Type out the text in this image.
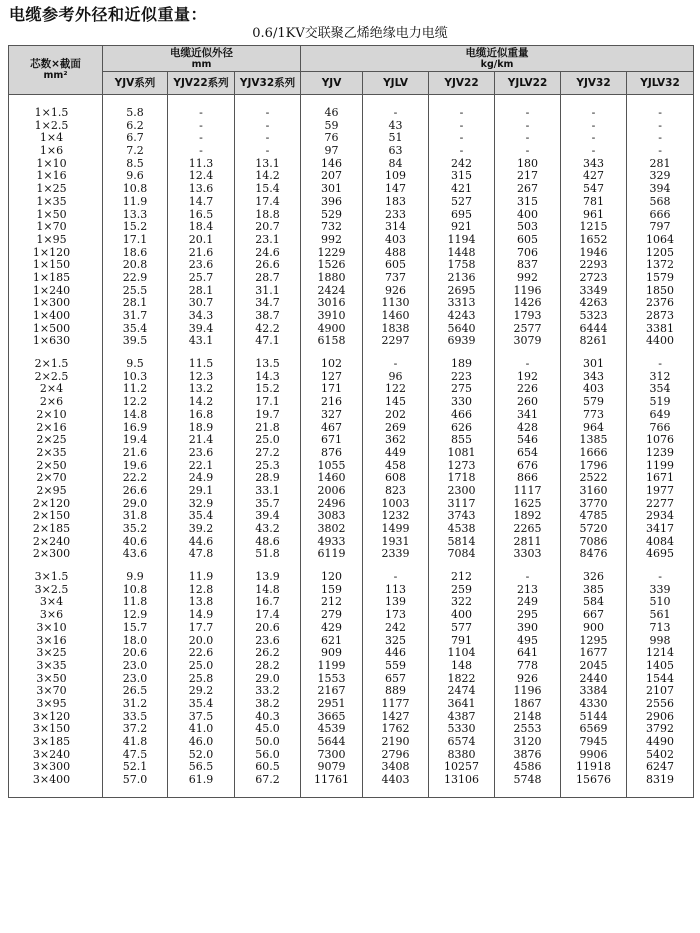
电缆参考外径和近似重量：
0.6/1KV交联聚乙烯绝缘电力电缆
芯数×截面
mm²	电缆近似外径
mm			电缆近似重量
kg/km					

	YJV系列	YJV22系列	YJV32系列	YJV	YJLV	YJV22	YJLV22	YJV32	YJLV32

1×1.5	5.8	-	-	46	-	-	-	-	-
1×2.5	6.2	-	-	59	43	-	-	-	-
1×4	6.7	-	-	76	51	-	-	-	-
1×6	7.2	-	-	97	63	-	-	-	-
1×10	8.5	11.3	13.1	146	84	242	180	343	281
1×16	9.6	12.4	14.2	207	109	315	217	427	329
1×25	10.8	13.6	15.4	301	147	421	267	547	394
1×35	11.9	14.7	17.4	396	183	527	315	781	568
1×50	13.3	16.5	18.8	529	233	695	400	961	666
1×70	15.2	18.4	20.7	732	314	921	503	1215	797
1×95	17.1	20.1	23.1	992	403	1194	605	1652	1064
1×120	18.6	21.6	24.6	1229	488	1448	706	1946	1205
1×150	20.8	23.6	26.6	1526	605	1758	837	2293	1372
1×185	22.9	25.7	28.7	1880	737	2136	992	2723	1579
1×240	25.5	28.1	31.1	2424	926	2695	1196	3349	1850
1×300	28.1	30.7	34.7	3016	1130	3313	1426	4263	2376
1×400	31.7	34.3	38.7	3910	1460	4243	1793	5323	2873
1×500	35.4	39.4	42.2	4900	1838	5640	2577	6444	3381
1×630	39.5	43.1	47.1	6158	2297	6939	3079	8261	4400

2×1.5	9.5	11.5	13.5	102	-	189	-	301	-
2×2.5	10.3	12.3	14.3	127	96	223	192	343	312
2×4	11.2	13.2	15.2	171	122	275	226	403	354
2×6	12.2	14.2	17.1	216	145	330	260	579	519
2×10	14.8	16.8	19.7	327	202	466	341	773	649
2×16	16.9	18.9	21.8	467	269	626	428	964	766
2×25	19.4	21.4	25.0	671	362	855	546	1385	1076
2×35	21.6	23.6	27.2	876	449	1081	654	1666	1239
2×50	19.6	22.1	25.3	1055	458	1273	676	1796	1199
2×70	22.2	24.9	28.9	1460	608	1718	866	2522	1671
2×95	26.6	29.1	33.1	2006	823	2300	1117	3160	1977
2×120	29.0	32.9	35.7	2496	1003	3117	1625	3770	2277
2×150	31.8	35.4	39.4	3083	1232	3743	1892	4785	2934
2×185	35.2	39.2	43.2	3802	1499	4538	2265	5720	3417
2×240	40.6	44.6	48.6	4933	1931	5814	2811	7086	4084
2×300	43.6	47.8	51.8	6119	2339	7084	3303	8476	4695

3×1.5	9.9	11.9	13.9	120	-	212	-	326	-
3×2.5	10.8	12.8	14.8	159	113	259	213	385	339
3×4	11.8	13.8	16.7	212	139	322	249	584	510
3×6	12.9	14.9	17.4	279	173	400	295	667	561
3×10	15.7	17.7	20.6	429	242	577	390	900	713
3×16	18.0	20.0	23.6	621	325	791	495	1295	998
3×25	20.6	22.6	26.2	909	446	1104	641	1677	1214
3×35	23.0	25.0	28.2	1199	559	148	778	2045	1405
3×50	23.0	25.8	29.0	1553	657	1822	926	2440	1544
3×70	26.5	29.2	33.2	2167	889	2474	1196	3384	2107
3×95	31.2	35.4	38.2	2951	1177	3641	1867	4330	2556
3×120	33.5	37.5	40.3	3665	1427	4387	2148	5144	2906
3×150	37.2	41.0	45.0	4539	1762	5330	2553	6569	3792
3×185	41.8	46.0	50.0	5644	2190	6574	3120	7945	4490
3×240	47.5	52.0	56.0	7300	2796	8380	3876	9906	5402
3×300	52.1	56.5	60.5	9079	3408	10257	4586	11918	6247
3×400	57.0	61.9	67.2	11761	4403	13106	5748	15676	8319
